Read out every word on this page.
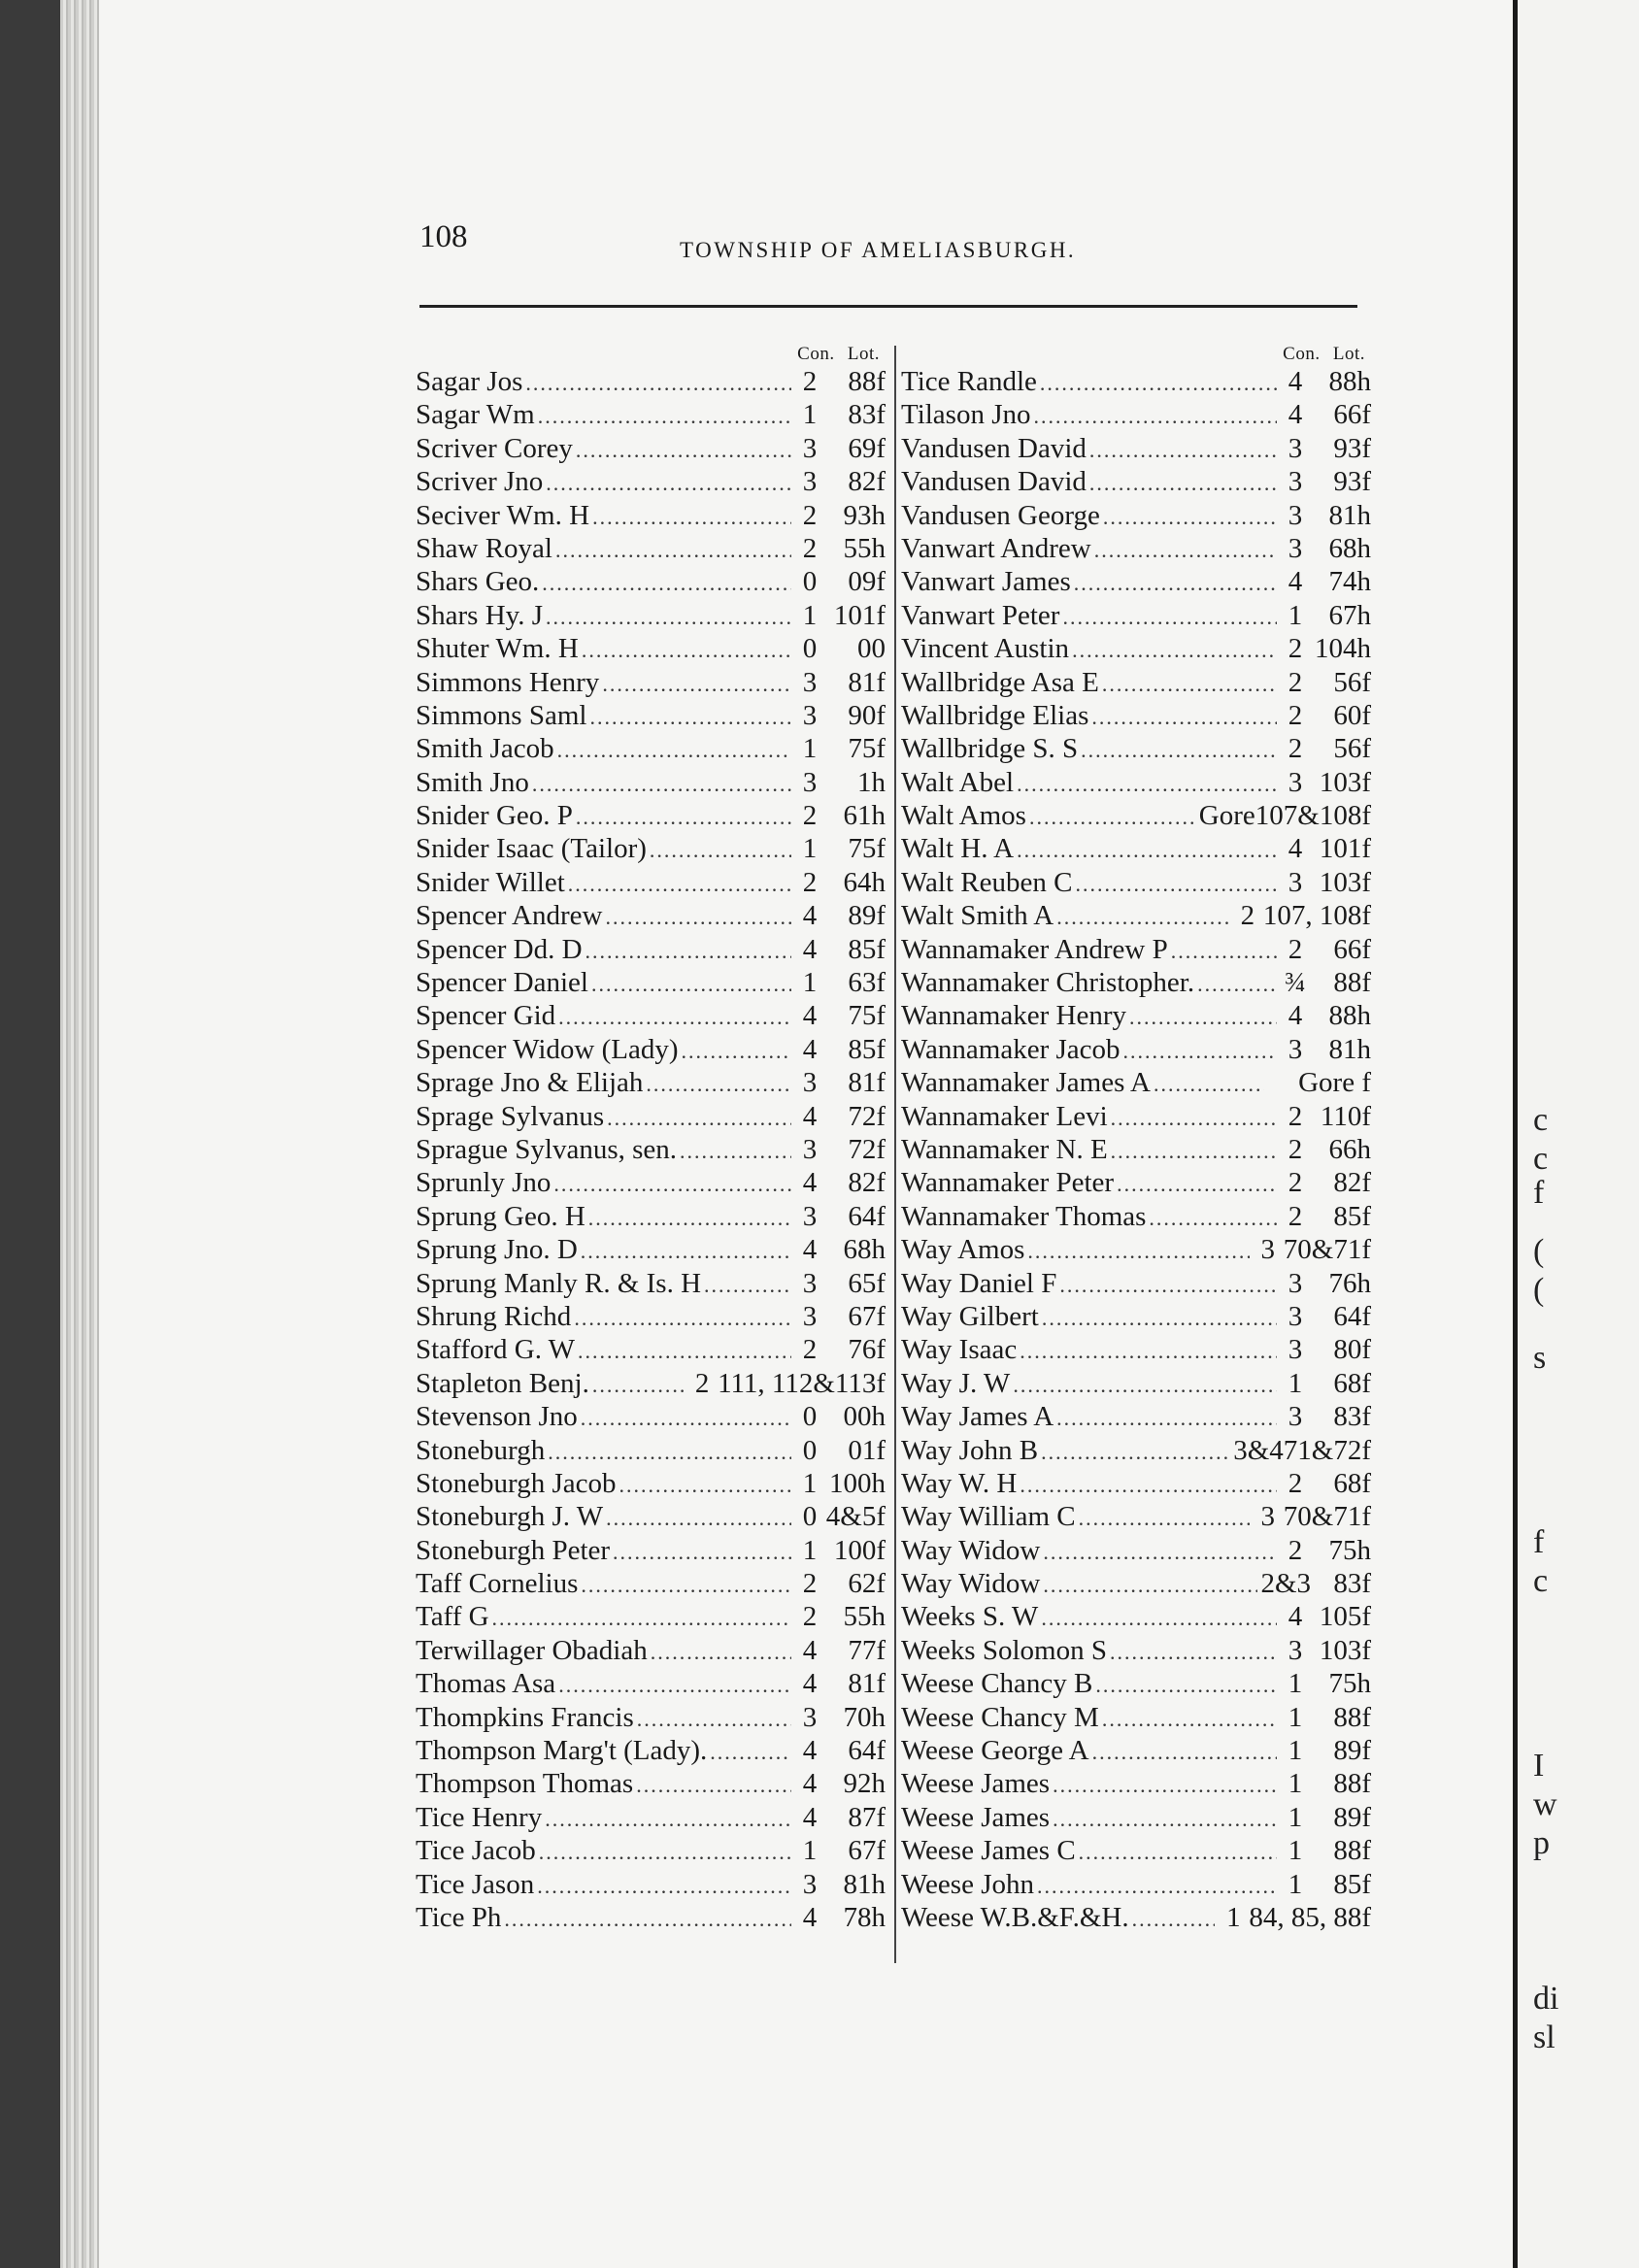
108	TOWNSHIP OF AMELIASBURGH.
Con. Lot.
Sagar Jos .....	2	88f
Sagar Wm .....	1	83f
Scriver Corey .....	3	69f
Scriver Jno .....	3	82f
Seciver Wm. H .....	2 93h
Shaw Royal .....	2 55h
Shars Geo. .....	0	09f
Shars Hy. J .....	1 101f
Shuter Wm. H .....	0	00
Simmons Henry .....	3	81f
Simmons Saml .....	3	90f
Smith Jacob .....	1	75f
Smith Jno .....	3	1h
Snider Geo. P .....	2 61h
Snider Isaac (Tailor) .....	1	75f
Snider Willet .....	2 64h
Spencer Andrew .....	4	89f
Spencer Dd. D .....	4	85f
Spencer Daniel .....	1	63f
Spencer Gid .....	4	75f
Spencer Widow (Lady) .....	4	85f
Sprage Jno & Elijah .....	3	81f
Sprage Sylvanus .....	4	72f
Sprague Sylvanus, sen. .....	3	72f
Sprunly Jno .....	4	82f
Sprung Geo. H .....	3	64f
Sprung Jno. D .....	4 68h
Sprung Manly R. & Is. H .....	3	65f
Shrung Richd .....	3	67f
Stafford G. W .....	2	76f
Stapleton Benj. .....	2 111, 112&113f
Stevenson Jno .....	0 00h
Stoneburgh .....	0	01f
Stoneburgh Jacob .....	1 100h
Stoneburgh J. W .....	0 4&5f
Stoneburgh Peter .....	1 100f
Taff Cornelius .....	2	62f
Taff G .....	2 55h
Terwillager Obadiah .....	4	77f
Thomas Asa .....	4	81f
Thompkins Francis .....	3 70h
Thompson Marg't (Lady). .....	4	64f
Thompson Thomas .....	4 92h
Tice Henry .....	4	87f
Tice Jacob .....	1	67f
Tice Jason .....	3 81h
Tice Ph .....	4 78h
Con. Lot.
Tice Randle .....	4 88h
Tilason Jno .....	4	66f
Vandusen David .....	3	93f
Vandusen David .....	3	93f
Vandusen George .....	3 81h
Vanwart Andrew .....	3 68h
Vanwart James .....	4 74h
Vanwart Peter .....	1 67h
Vincent Austin .....	2 104h
Wallbridge Asa E .....	2	56f
Wallbridge Elias .....	2	60f
Wallbridge S. S .....	2	56f
Walt Abel .....	3 103f
Walt Amos .....	Gore 107&108f
Walt H. A .....	4 101f
Walt Reuben C .....	3 103f
Walt Smith A .....	2 107, 108f
Wannamaker Andrew P .....	2	66f
Wannamaker Christopher. .....	¾ 88f
Wannamaker Henry .....	4 88h
Wannamaker Jacob .....	3 81h
Wannamaker James A .....	Gore f
Wannamaker Levi .....	2 110f
Wannamaker N. E .....	2 66h
Wannamaker Peter .....	2	82f
Wannamaker Thomas .....	2	85f
Way Amos .....	3 70&71f
Way Daniel F .....	3 76h
Way Gilbert .....	3	64f
Way Isaac .....	3	80f
Way J. W .....	1	68f
Way James A .....	3	83f
Way John B .....	3&4 71&72f
Way W. H .....	2	68f
Way William C .....	3 70&71f
Way Widow .....	2 75h
Way Widow .....	2&3 83f
Weeks S. W .....	4 105f
Weeks Solomon S .....	3 103f
Weese Chancy B .....	1 75h
Weese Chancy M .....	1	88f
Weese George A .....	1	89f
Weese James .....	1	88f
Weese James .....	1	89f
Weese James C .....	1	88f
Weese John .....	1	85f
Weese W.B.&F.&H. .....	1 84, 85, 88f
c
c
f
(
(
s
f
c
I
w
p
di
sl
